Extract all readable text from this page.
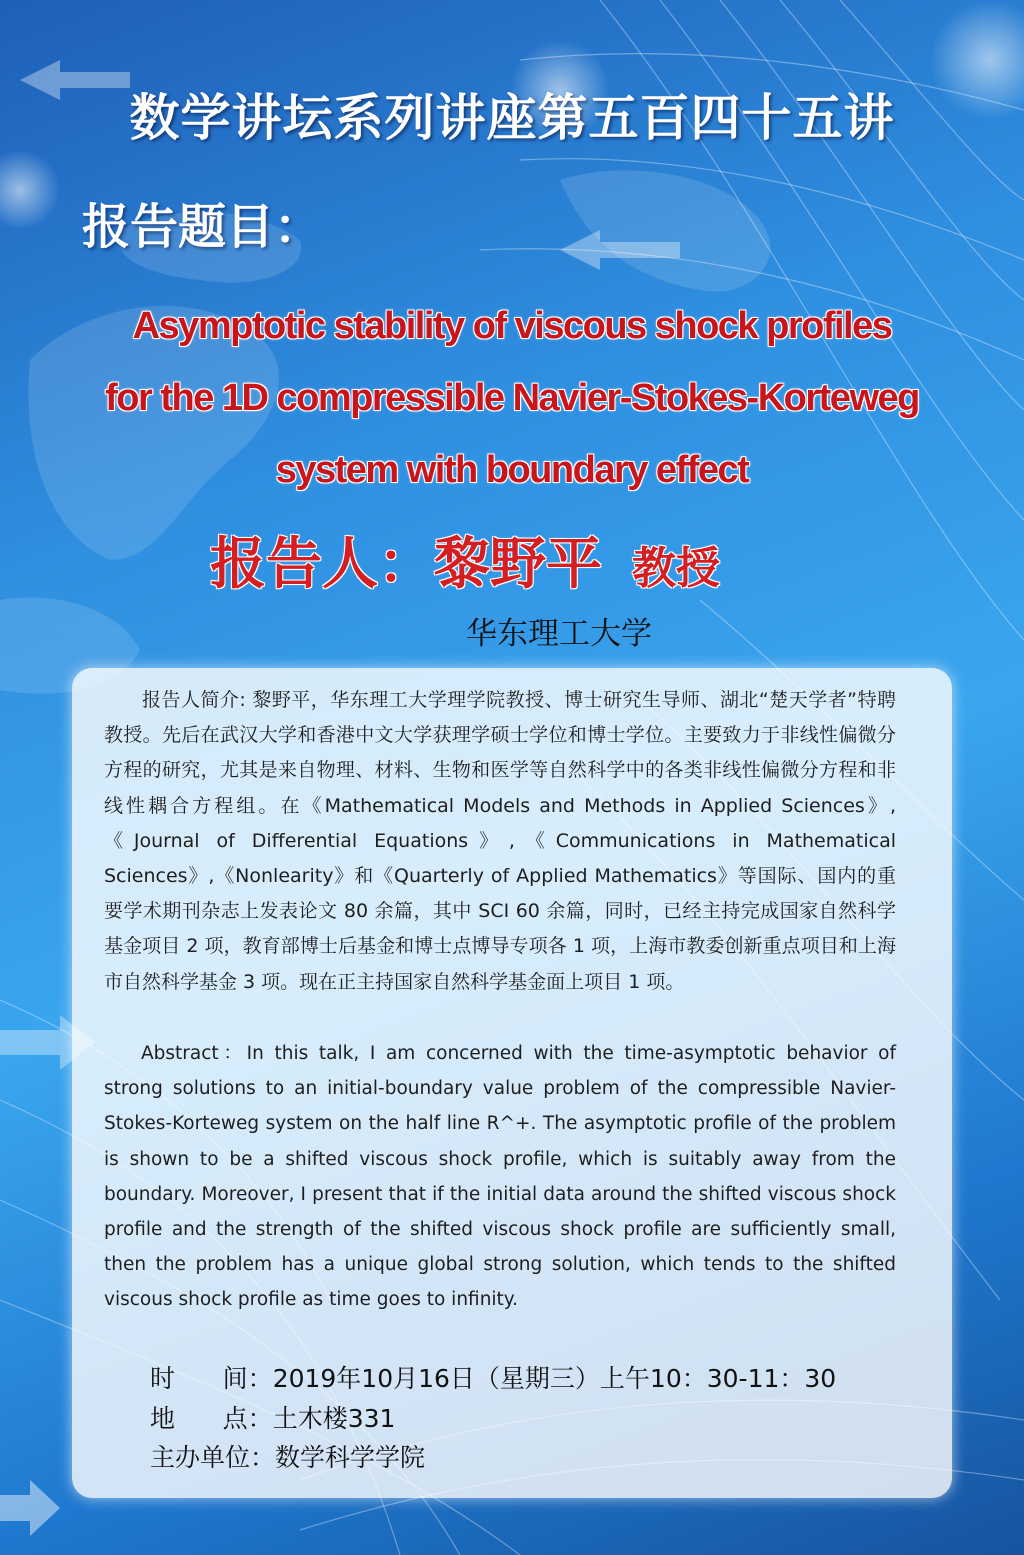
数学讲坛系列讲座第五百四十五讲
报告题目：
Asymptotic stability of viscous shock profiles
for the 1D compressible Navier-Stokes-Korteweg
system with boundary effect
报告人：黎野平 教授
华东理工大学

报告人简介: 黎野平，华东理工大学理学院教授、博士研究生导师、湖北“楚天学者”特聘教授。先后在武汉大学和香港中文大学获理学硕士学位和博士学位。主要致力于非线性偏微分方程的研究，尤其是来自物理、材料、生物和医学等自然科学中的各类非线性偏微分方程和非线性耦合方程组。在《Mathematical Models and Methods in Applied Sciences》,《Journal of Differential Equations》,《Communications in Mathematical Sciences》,《Nonlearity》和《Quarterly of Applied Mathematics》等国际、国内的重要学术期刊杂志上发表论文 80 余篇，其中 SCI 60 余篇，同时，已经主持完成国家自然科学基金项目 2 项，教育部博士后基金和博士点博导专项各 1 项，上海市教委创新重点项目和上海市自然科学基金 3 项。现在正主持国家自然科学基金面上项目 1 项。

Abstract：In this talk, I am concerned with the time-asymptotic behavior of strong solutions to an initial-boundary value problem of the compressible Navier-Stokes-Korteweg system on the half line R^+. The asymptotic profile of the problem is shown to be a shifted viscous shock profile, which is suitably away from the boundary. Moreover, I present that if the initial data around the shifted viscous shock profile and the strength of the shifted viscous shock profile are sufficiently small, then the problem has a unique global strong solution, which tends to the shifted viscous shock profile as time goes to infinity.

时      间：2019年10月16日（星期三）上午10：30-11：30
地      点：土木楼331
主办单位：数学科学学院
